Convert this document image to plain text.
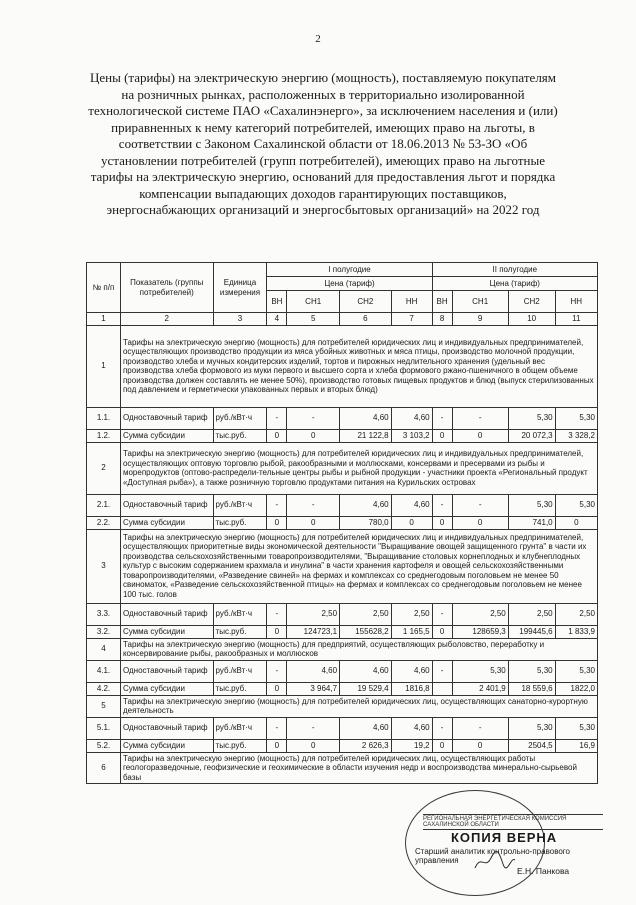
2
Цены (тарифы) на электрическую энергию (мощность), поставляемую покупателям на розничных рынках, расположенных в территориально изолированной технологической системе ПАО «Сахалинэнерго», за исключением населения и (или) приравненных к нему категорий потребителей, имеющих право на льготы, в соответствии с Законом Сахалинской области от 18.06.2013 № 53-ЗО «Об установлении потребителей (групп потребителей), имеющих право на льготные тарифы на электрическую энергию, оснований для предоставления льгот и порядка компенсации выпадающих доходов гарантирующих поставщиков, энергоснабжающих организаций и энергосбытовых организаций» на 2022 год
№ п/п	Показатель (группы потребителей)	Единица измерения	I полугодие				II полугодие			
			Цена (тариф)				Цена (тариф)			
			ВН	СН1	СН2	НН	ВН	СН1	СН2	НН
1	2	3	4	5	6	7	8	9	10	11
1	Тарифы на электрическую энергию (мощность) для потребителей юридических лиц и индивидуальных предпринимателей, осуществляющих производство продукции из мяса убойных животных и мяса птицы, производство молочной продукции, производство хлеба и мучных кондитерских изделий, тортов и пирожных недлительного хранения (удельный вес производства хлеба формового из муки первого и высшего сорта и хлеба формового ржано-пшеничного в общем объеме производства должен составлять не менее 50%), производство готовых пищевых продуктов и блюд (выпуск стерилизованных под давлением и герметически упакованных первых и вторых блюд)									
1.1.	Одноставочный тариф	руб./кВт·ч	-	-	4,60	4,60	-	-	5,30	5,30
1.2.	Сумма субсидии	тыс.руб.	0	0	21 122,8	3 103,2	0	0	20 072,3	3 328,2
2	Тарифы на электрическую энергию (мощность) для потребителей юридических лиц и индивидуальных предпринимателей, осуществляющих оптовую торговлю рыбой, ракообразными и моллюсками, консервами и пресервами из рыбы и морепродуктов (оптово-распредели-тельные центры рыбы и рыбной продукции - участники проекта «Региональный продукт «Доступная рыба»), а также розничную торговлю продуктами питания на Курильских островах									
2.1.	Одноставочный тариф	руб./кВт·ч	-	-	4,60	4,60	-	-	5,30	5,30
2.2.	Сумма субсидии	тыс.руб.	0	0	780,0	0	0	0	741,0	0
3	Тарифы на электрическую энергию (мощность) для потребителей юридических лиц и индивидуальных предпринимателей, осуществляющих приоритетные виды экономической деятельности "Выращивание овощей защищенного грунта" в части их производства сельскохозяйственными товаропроизводителями, "Выращивание столовых корнеплодных и клубнеплодных культур с высоким содержанием крахмала и инулина" в части хранения картофеля и овощей сельскохозяйственными товаропроизводителями, «Разведение свиней» на фермах и комплексах со среднегодовым поголовьем не менее 50 свиноматок, «Разведение сельскохозяйственной птицы» на фермах и комплексах со среднегодовым поголовьем не менее 100 тыс. голов									
3.3.	Одноставочный тариф	руб./кВт·ч	-	2,50	2,50	2,50	-	2,50	2,50	2,50
3.2.	Сумма субсидии	тыс.руб.	0	124723,1	155628,2	1 165,5	0	128659,3	199445,6	1 833,9
4	Тарифы на электрическую энергию (мощность) для предприятий, осуществляющих рыболовство, переработку и консервирование рыбы, ракообразных и моллюсков									
4.1.	Одноставочный тариф	руб./кВт·ч	-	4,60	4,60	4,60	-	5,30	5,30	5,30
4.2.	Сумма субсидии	тыс.руб.	0	3 964,7	19 529,4	1816,8		2 401,9	18 559,6	1822,0
5	Тарифы на электрическую энергию (мощность) для потребителей юридических лиц, осуществляющих санаторно-курортную деятельность									
5.1.	Одноставочный тариф	руб./кВт·ч	-	-	4,60	4,60	-	-	5,30	5,30
5.2.	Сумма субсидии	тыс.руб.	0	0	2 626,3	19,2	0	0	2504,5	16,9
6	Тарифы на электрическую энергию (мощность) для потребителей юридических лиц, осуществляющих работы геологоразведочные, геофизические и геохимические в области изучения недр и воспроизводства минерально-сырьевой базы									
РЕГИОНАЛЬНАЯ ЭНЕРГЕТИЧЕСКАЯ КОМИССИЯ САХАЛИНСКОЙ ОБЛАСТИ
КОПИЯ ВЕРНА
Старший аналитик контрольно-правового управления
Е.Н. Панкова
